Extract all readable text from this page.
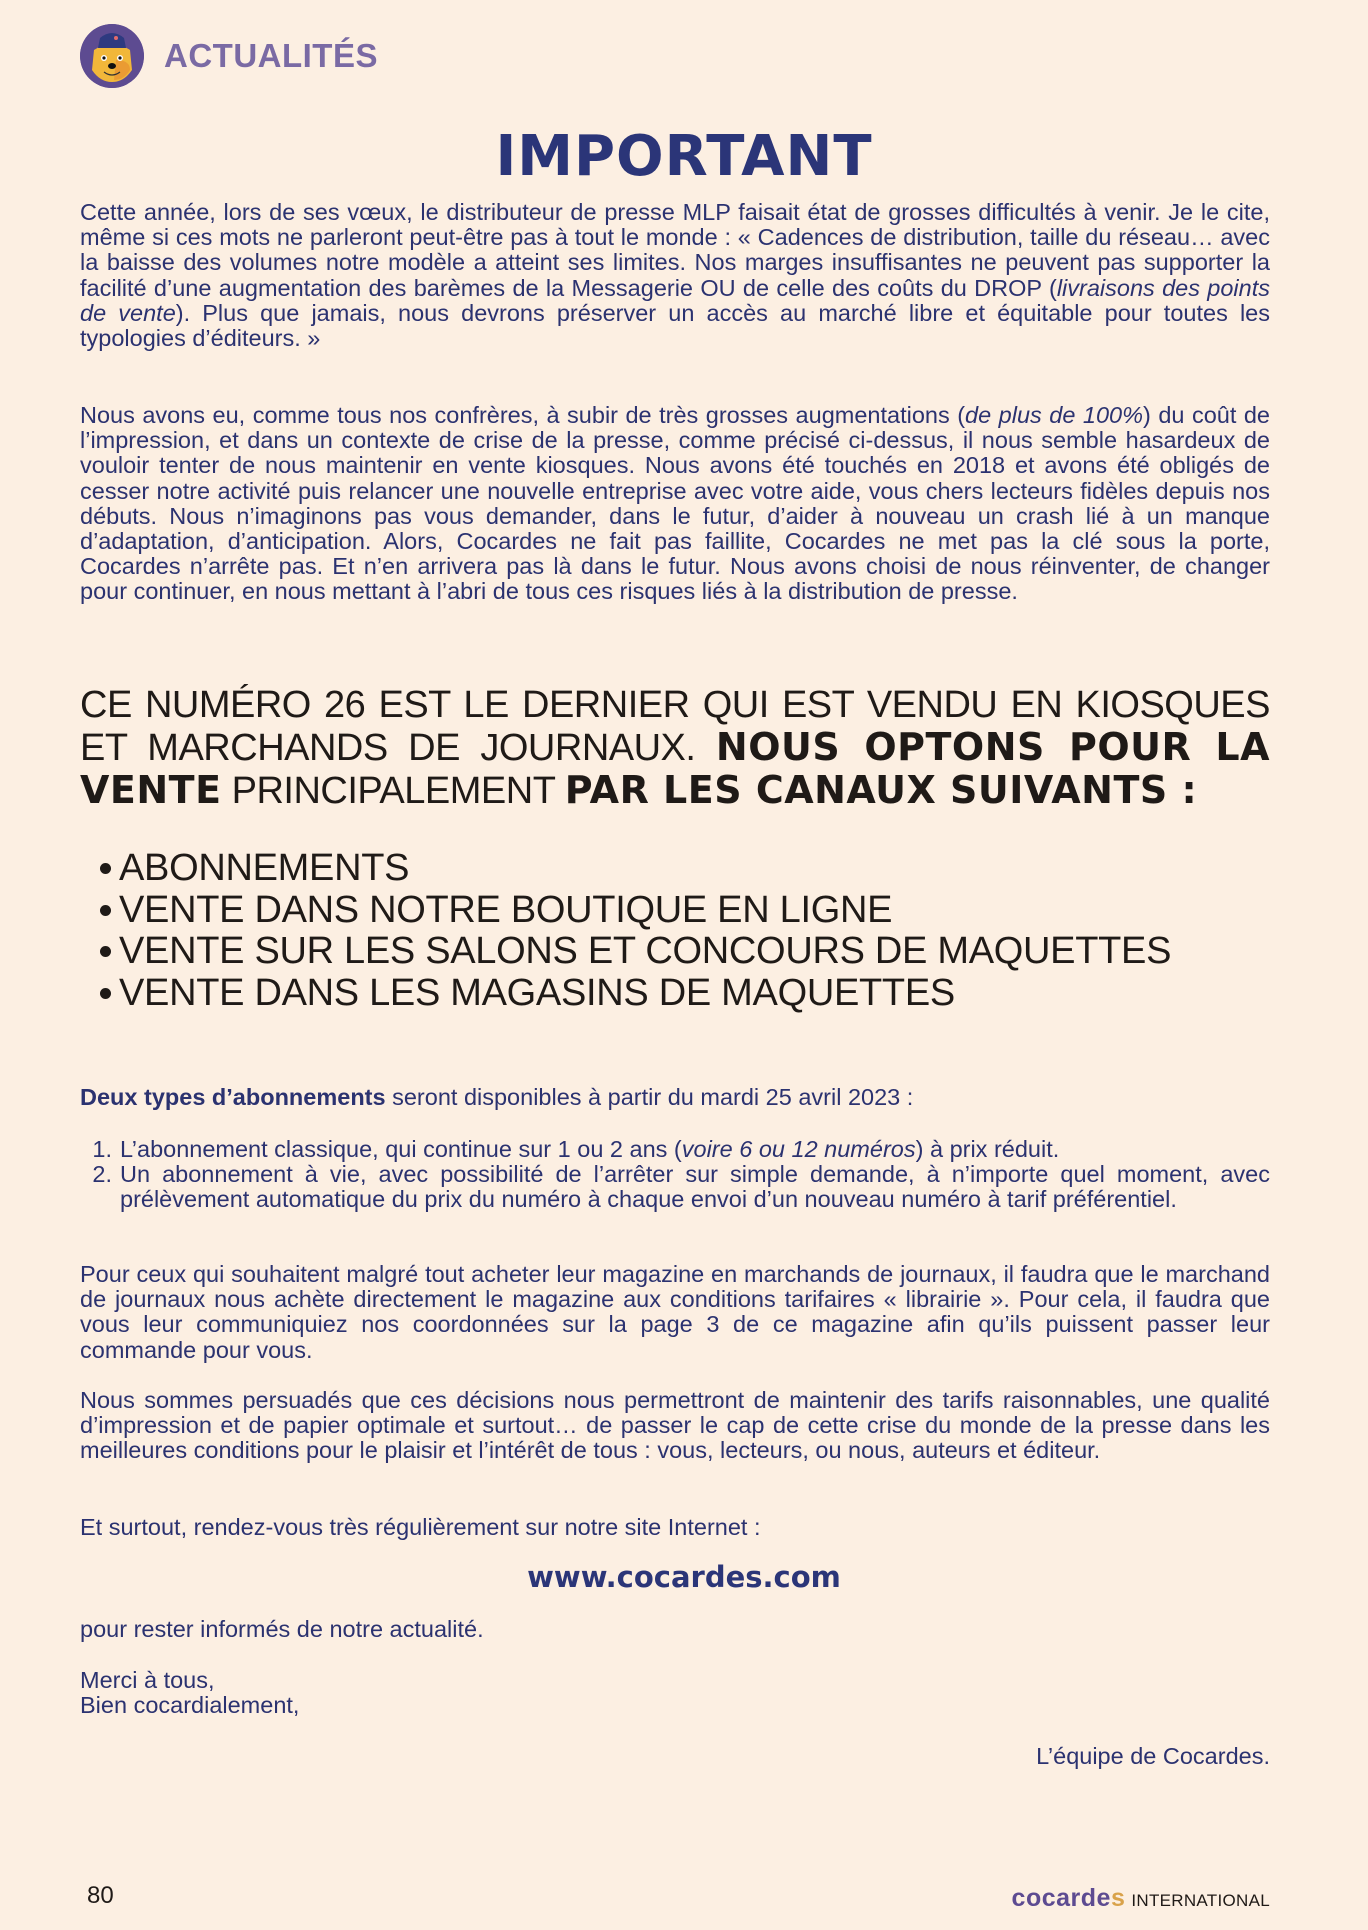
ACTUALITÉS
IMPORTANT

Cette année, lors de ses vœux, le distributeur de presse MLP faisait état de grosses difficultés à venir. Je le cite, même si ces mots ne parleront peut-être pas à tout le monde : « Cadences de distribution, taille du réseau… avec la baisse des volumes notre modèle a atteint ses limites. Nos marges insuffisantes ne peuvent pas supporter la facilité d’une augmentation des barèmes de la Messagerie OU de celle des coûts du DROP (livraisons des points de vente). Plus que jamais, nous devrons préserver un accès au marché libre et équitable pour toutes les typologies d’éditeurs. »

Nous avons eu, comme tous nos confrères, à subir de très grosses augmentations (de plus de 100%) du coût de l’impression, et dans un contexte de crise de la presse, comme précisé ci-dessus, il nous semble hasardeux de vouloir tenter de nous maintenir en vente kiosques. Nous avons été touchés en 2018 et avons été obligés de cesser notre activité puis relancer une nouvelle entreprise avec votre aide, vous chers lecteurs fidèles depuis nos débuts. Nous n’imaginons pas vous demander, dans le futur, d’aider à nouveau un crash lié à un manque d’adaptation, d’anticipation. Alors, Cocardes ne fait pas faillite, Cocardes ne met pas la clé sous la porte, Cocardes n’arrête pas. Et n’en arrivera pas là dans le futur. Nous avons choisi de nous réinventer, de changer pour continuer, en nous mettant à l’abri de tous ces risques liés à la distribution de presse.

CE NUMÉRO 26 EST LE DERNIER QUI EST VENDU EN KIOSQUES ET MARCHANDS DE JOURNAUX. NOUS OPTONS POUR LA VENTE PRINCIPALEMENT PAR LES CANAUX SUIVANTS :

ABONNEMENTS
VENTE DANS NOTRE BOUTIQUE EN LIGNE
VENTE SUR LES SALONS ET CONCOURS DE MAQUETTES
VENTE DANS LES MAGASINS DE MAQUETTES

Deux types d’abonnements seront disponibles à partir du mardi 25 avril 2023 :

1. L’abonnement classique, qui continue sur 1 ou 2 ans (voire 6 ou 12 numéros) à prix réduit.
2. Un abonnement à vie, avec possibilité de l’arrêter sur simple demande, à n’importe quel moment, avec prélèvement automatique du prix du numéro à chaque envoi d’un nouveau numéro à tarif préférentiel.

Pour ceux qui souhaitent malgré tout acheter leur magazine en marchands de journaux, il faudra que le marchand de journaux nous achète directement le magazine aux conditions tarifaires « librairie ». Pour cela, il faudra que vous leur communiquiez nos coordonnées sur la page 3 de ce magazine afin qu’ils puissent passer leur commande pour vous.

Nous sommes persuadés que ces décisions nous permettront de maintenir des tarifs raisonnables, une qualité d’impression et de papier optimale et surtout… de passer le cap de cette crise du monde de la presse dans les meilleures conditions pour le plaisir et l’intérêt de tous : vous, lecteurs, ou nous, auteurs et éditeur.

Et surtout, rendez-vous très régulièrement sur notre site Internet :

www.cocardes.com

pour rester informés de notre actualité.

Merci à tous,
Bien cocardialement,

L’équipe de Cocardes.
80	cocardes INTERNATIONAL
